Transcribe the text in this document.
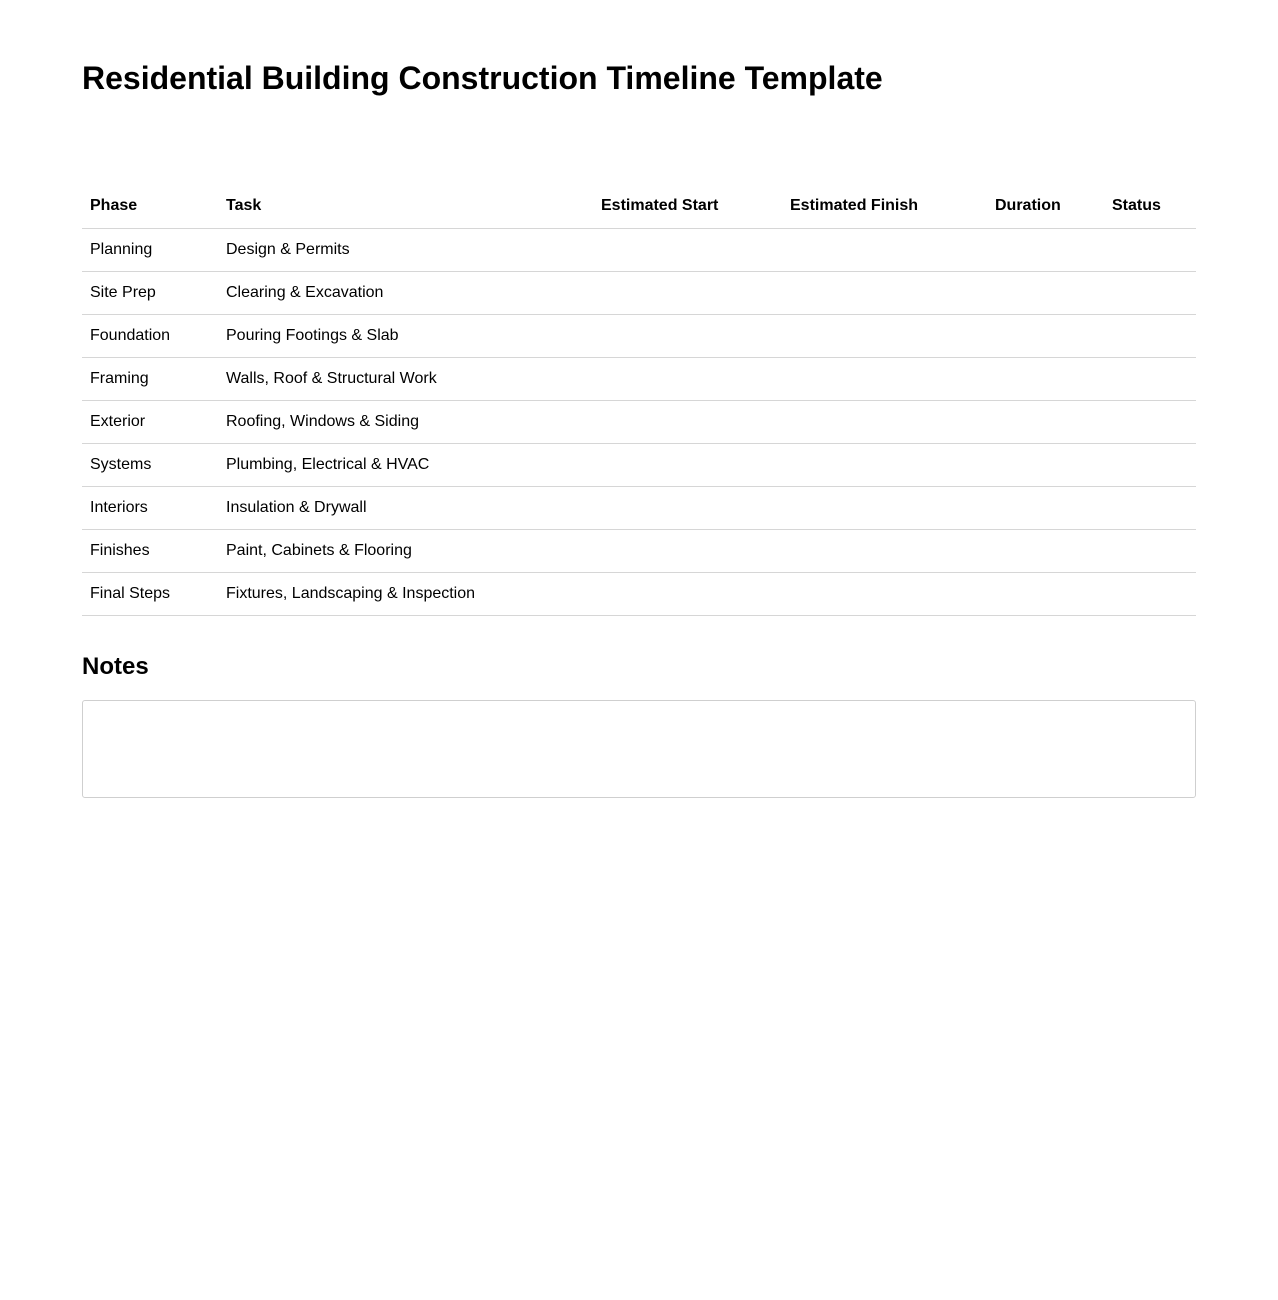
Residential Building Construction Timeline Template
Phase	Task	Estimated Start	Estimated Finish	Duration	Status
Planning	Design & Permits				
Site Prep	Clearing & Excavation				
Foundation	Pouring Footings & Slab				
Framing	Walls, Roof & Structural Work				
Exterior	Roofing, Windows & Siding				
Systems	Plumbing, Electrical & HVAC				
Interiors	Insulation & Drywall				
Finishes	Paint, Cabinets & Flooring				
Final Steps	Fixtures, Landscaping & Inspection				
Notes
